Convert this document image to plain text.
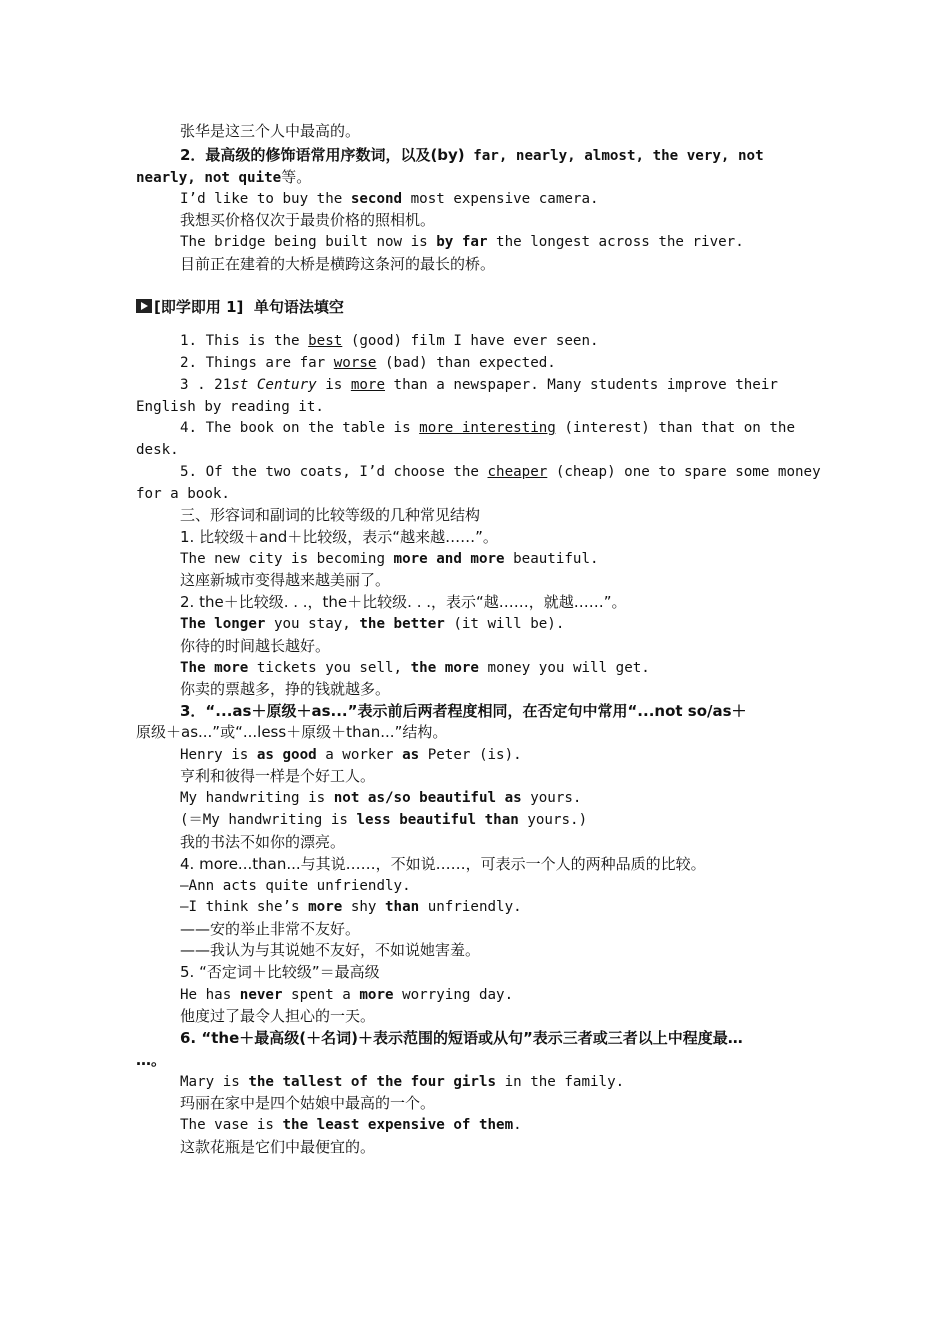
张华是这三个人中最高的。
2．最高级的修饰语常用序数词，以及(by) far, nearly, almost, the very, not
nearly, not quite等。
I’d like to buy the second most expensive camera.
我想买价格仅次于最贵价格的照相机。
The bridge being built now is by far the longest across the river.
目前正在建着的大桥是横跨这条河的最长的桥。
[即学即用 1]  单句语法填空
1. This is the best (good) film I have ever seen.
2. Things are far worse (bad) than expected.
3 . 21st Century is more than a newspaper. Many students improve their
English by reading it.
4. The book on the table is more interesting (interest) than that on the
desk.
5. Of the two coats, I’d choose the cheaper (cheap) one to spare some money
for a book.
三、形容词和副词的比较等级的几种常见结构
1. 比较级＋and＋比较级，表示“越来越……”。
The new city is becoming more and more beautiful.
这座新城市变得越来越美丽了。
2. the＋比较级. . .，the＋比较级. . .，表示“越……，就越……”。
The longer you stay, the better (it will be).
你待的时间越长越好。
The more tickets you sell, the more money you will get.
你卖的票越多，挣的钱就越多。
3．“...as＋原级＋as...”表示前后两者程度相同，在否定句中常用“...not so/as＋
原级＋as...”或“...less＋原级＋than...”结构。
Henry is as good a worker as Peter (is).
亨利和彼得一样是个好工人。
My handwriting is not as/so beautiful as yours.
(＝My handwriting is less beautiful than yours.)
我的书法不如你的漂亮。
4. more...than...与其说……，不如说……，可表示一个人的两种品质的比较。
—Ann acts quite unfriendly.
—I think she’s more shy than unfriendly.
——安的举止非常不友好。
——我认为与其说她不友好，不如说她害羞。
5. “否定词＋比较级”＝最高级
He has never spent a more worrying day.
他度过了最令人担心的一天。
6. “the＋最高级(＋名词)＋表示范围的短语或从句”表示三者或三者以上中程度最…
…。
Mary is the tallest of the four girls in the family.
玛丽在家中是四个姑娘中最高的一个。
The vase is the least expensive of them.
这款花瓶是它们中最便宜的。
